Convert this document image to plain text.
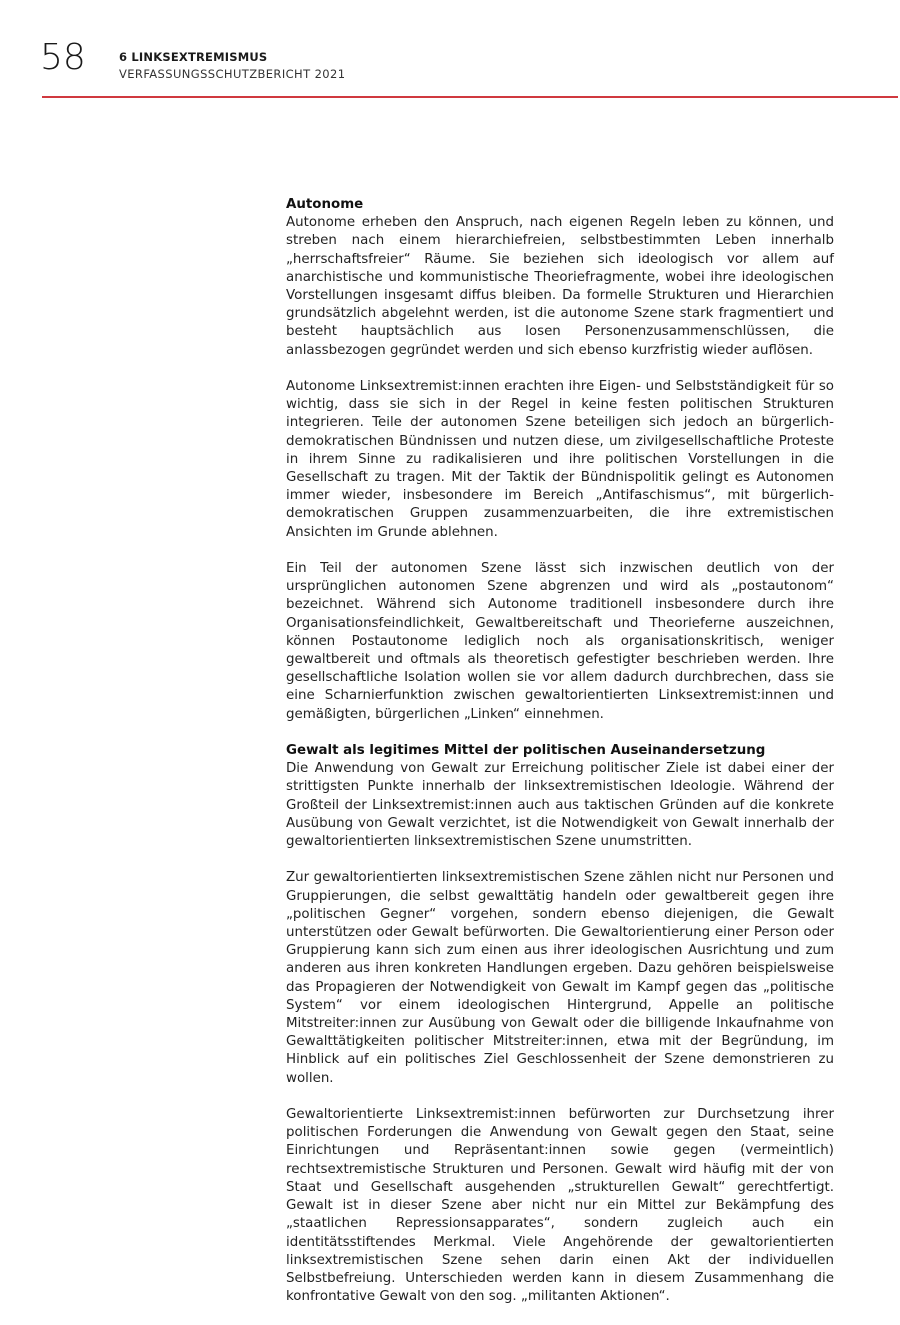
58	6 LINKSEXTREMISMUS
VERFASSUNGSSCHUTZBERICHT 2021
Autonome

Autonome erheben den Anspruch, nach eigenen Regeln leben zu können, und streben nach einem hierarchiefreien, selbstbestimmten Leben innerhalb „herrschaftsfreier“ Räume. Sie beziehen sich ideologisch vor allem auf anarchistische und kommunistische Theoriefragmente, wobei ihre ideologischen Vorstellungen insgesamt diffus bleiben. Da formelle Strukturen und Hierarchien grundsätzlich abgelehnt werden, ist die autonome Szene stark fragmentiert und besteht hauptsächlich aus losen Personenzusammenschlüssen, die anlassbezogen gegründet werden und sich ebenso kurzfristig wieder auflösen.

Autonome Linksextremist:innen erachten ihre Eigen- und Selbstständigkeit für so wichtig, dass sie sich in der Regel in keine festen politischen Strukturen integrieren. Teile der autonomen Szene beteiligen sich jedoch an bürgerlich-demokratischen Bündnissen und nutzen diese, um zivilgesellschaftliche Proteste in ihrem Sinne zu radikalisieren und ihre politischen Vorstellungen in die Gesellschaft zu tragen. Mit der Taktik der Bündnispolitik gelingt es Autonomen immer wieder, insbesondere im Bereich „Antifaschismus“, mit bürgerlich-demokratischen Gruppen zusammenzuarbeiten, die ihre extremistischen Ansichten im Grunde ablehnen.

Ein Teil der autonomen Szene lässt sich inzwischen deutlich von der ursprünglichen autonomen Szene abgrenzen und wird als „postautonom“ bezeichnet. Während sich Autonome traditionell insbesondere durch ihre Organisationsfeindlichkeit, Gewaltbereitschaft und Theorieferne auszeichnen, können Postautonome lediglich noch als organisationskritisch, weniger gewaltbereit und oftmals als theoretisch gefestigter beschrieben werden. Ihre gesellschaftliche Isolation wollen sie vor allem dadurch durchbrechen, dass sie eine Scharnierfunktion zwischen gewaltorientierten Linksextremist:innen und gemäßigten, bürgerlichen „Linken“ einnehmen.

Gewalt als legitimes Mittel der politischen Auseinandersetzung

Die Anwendung von Gewalt zur Erreichung politischer Ziele ist dabei einer der strittigsten Punkte innerhalb der linksextremistischen Ideologie. Während der Großteil der Linksextremist:innen auch aus taktischen Gründen auf die konkrete Ausübung von Gewalt verzichtet, ist die Notwendigkeit von Gewalt innerhalb der gewaltorientierten linksextremistischen Szene unumstritten.

Zur gewaltorientierten linksextremistischen Szene zählen nicht nur Personen und Gruppierungen, die selbst gewalttätig handeln oder gewaltbereit gegen ihre „politischen Gegner“ vorgehen, sondern ebenso diejenigen, die Gewalt unterstützen oder Gewalt befürworten. Die Gewaltorientierung einer Person oder Gruppierung kann sich zum einen aus ihrer ideologischen Ausrichtung und zum anderen aus ihren konkreten Handlungen ergeben. Dazu gehören beispielsweise das Propagieren der Notwendigkeit von Gewalt im Kampf gegen das „politische System“ vor einem ideologischen Hintergrund, Appelle an politische Mitstreiter:innen zur Ausübung von Gewalt oder die billigende Inkaufnahme von Gewalttätigkeiten politischer Mitstreiter:innen, etwa mit der Begründung, im Hinblick auf ein politisches Ziel Geschlossenheit der Szene demonstrieren zu wollen.

Gewaltorientierte Linksextremist:innen befürworten zur Durchsetzung ihrer politischen Forderungen die Anwendung von Gewalt gegen den Staat, seine Einrichtungen und Repräsentant:innen sowie gegen (vermeintlich) rechtsextremistische Strukturen und Personen. Gewalt wird häufig mit der von Staat und Gesellschaft ausgehenden „strukturellen Gewalt“ gerechtfertigt. Gewalt ist in dieser Szene aber nicht nur ein Mittel zur Bekämpfung des „staatlichen Repressionsapparates“, sondern zugleich auch ein identitätsstiftendes Merkmal. Viele Angehörende der gewaltorientierten linksextremistischen Szene sehen darin einen Akt der individuellen Selbstbefreiung. Unterschieden werden kann in diesem Zusammenhang die konfrontative Gewalt von den sog. „militanten Aktionen“.
